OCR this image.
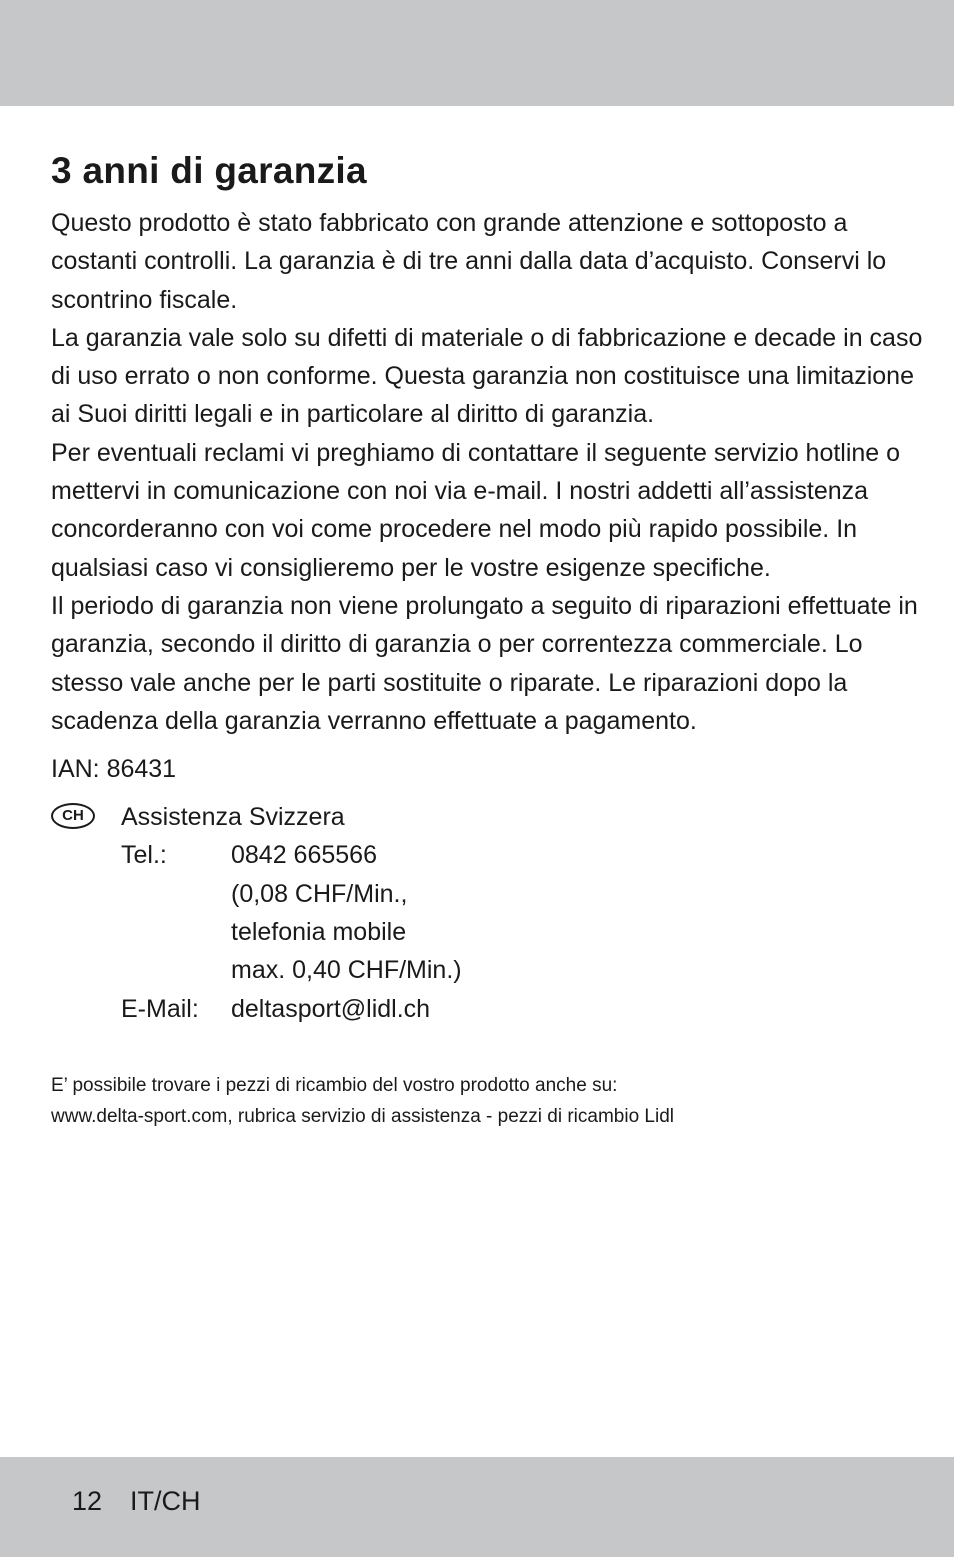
3 anni di garanzia

Questo prodotto è stato fabbricato con grande attenzione e sottoposto a costanti controlli. La garanzia è di tre anni dalla data d’acquisto. Conservi lo scontrino fiscale.

La garanzia vale solo su difetti di materiale o di fabbricazione e decade in caso di uso errato o non conforme. Questa garanzia non costituisce una limitazione ai Suoi diritti legali e in particolare al diritto di garanzia.

Per eventuali reclami vi preghiamo di contattare il seguente servizio hotline o mettervi in comunicazione con noi via e-mail. I nostri addetti all’assistenza concorderanno con voi come procedere nel modo più rapido possibile. In qualsiasi caso vi consiglieremo per le vostre esigenze specifiche.

Il periodo di garanzia non viene prolungato a seguito di riparazioni effettuate in garanzia, secondo il diritto di garanzia o per correntezza commerciale. Lo stesso vale anche per le parti sostituite o riparate. Le riparazioni dopo la scadenza della garanzia verranno effettuate a pagamento.

IAN: 86431
CH	Assistenza Svizzera
Tel.:	0842 665566
(0,08 CHF/Min.,
telefonia mobile
max. 0,40 CHF/Min.)
E-Mail:	deltasport@lidl.ch

E’ possibile trovare i pezzi di ricambio del vostro prodotto anche su:

www.delta-sport.com, rubrica servizio di assistenza - pezzi di ricambio Lidl

12 IT/CH
